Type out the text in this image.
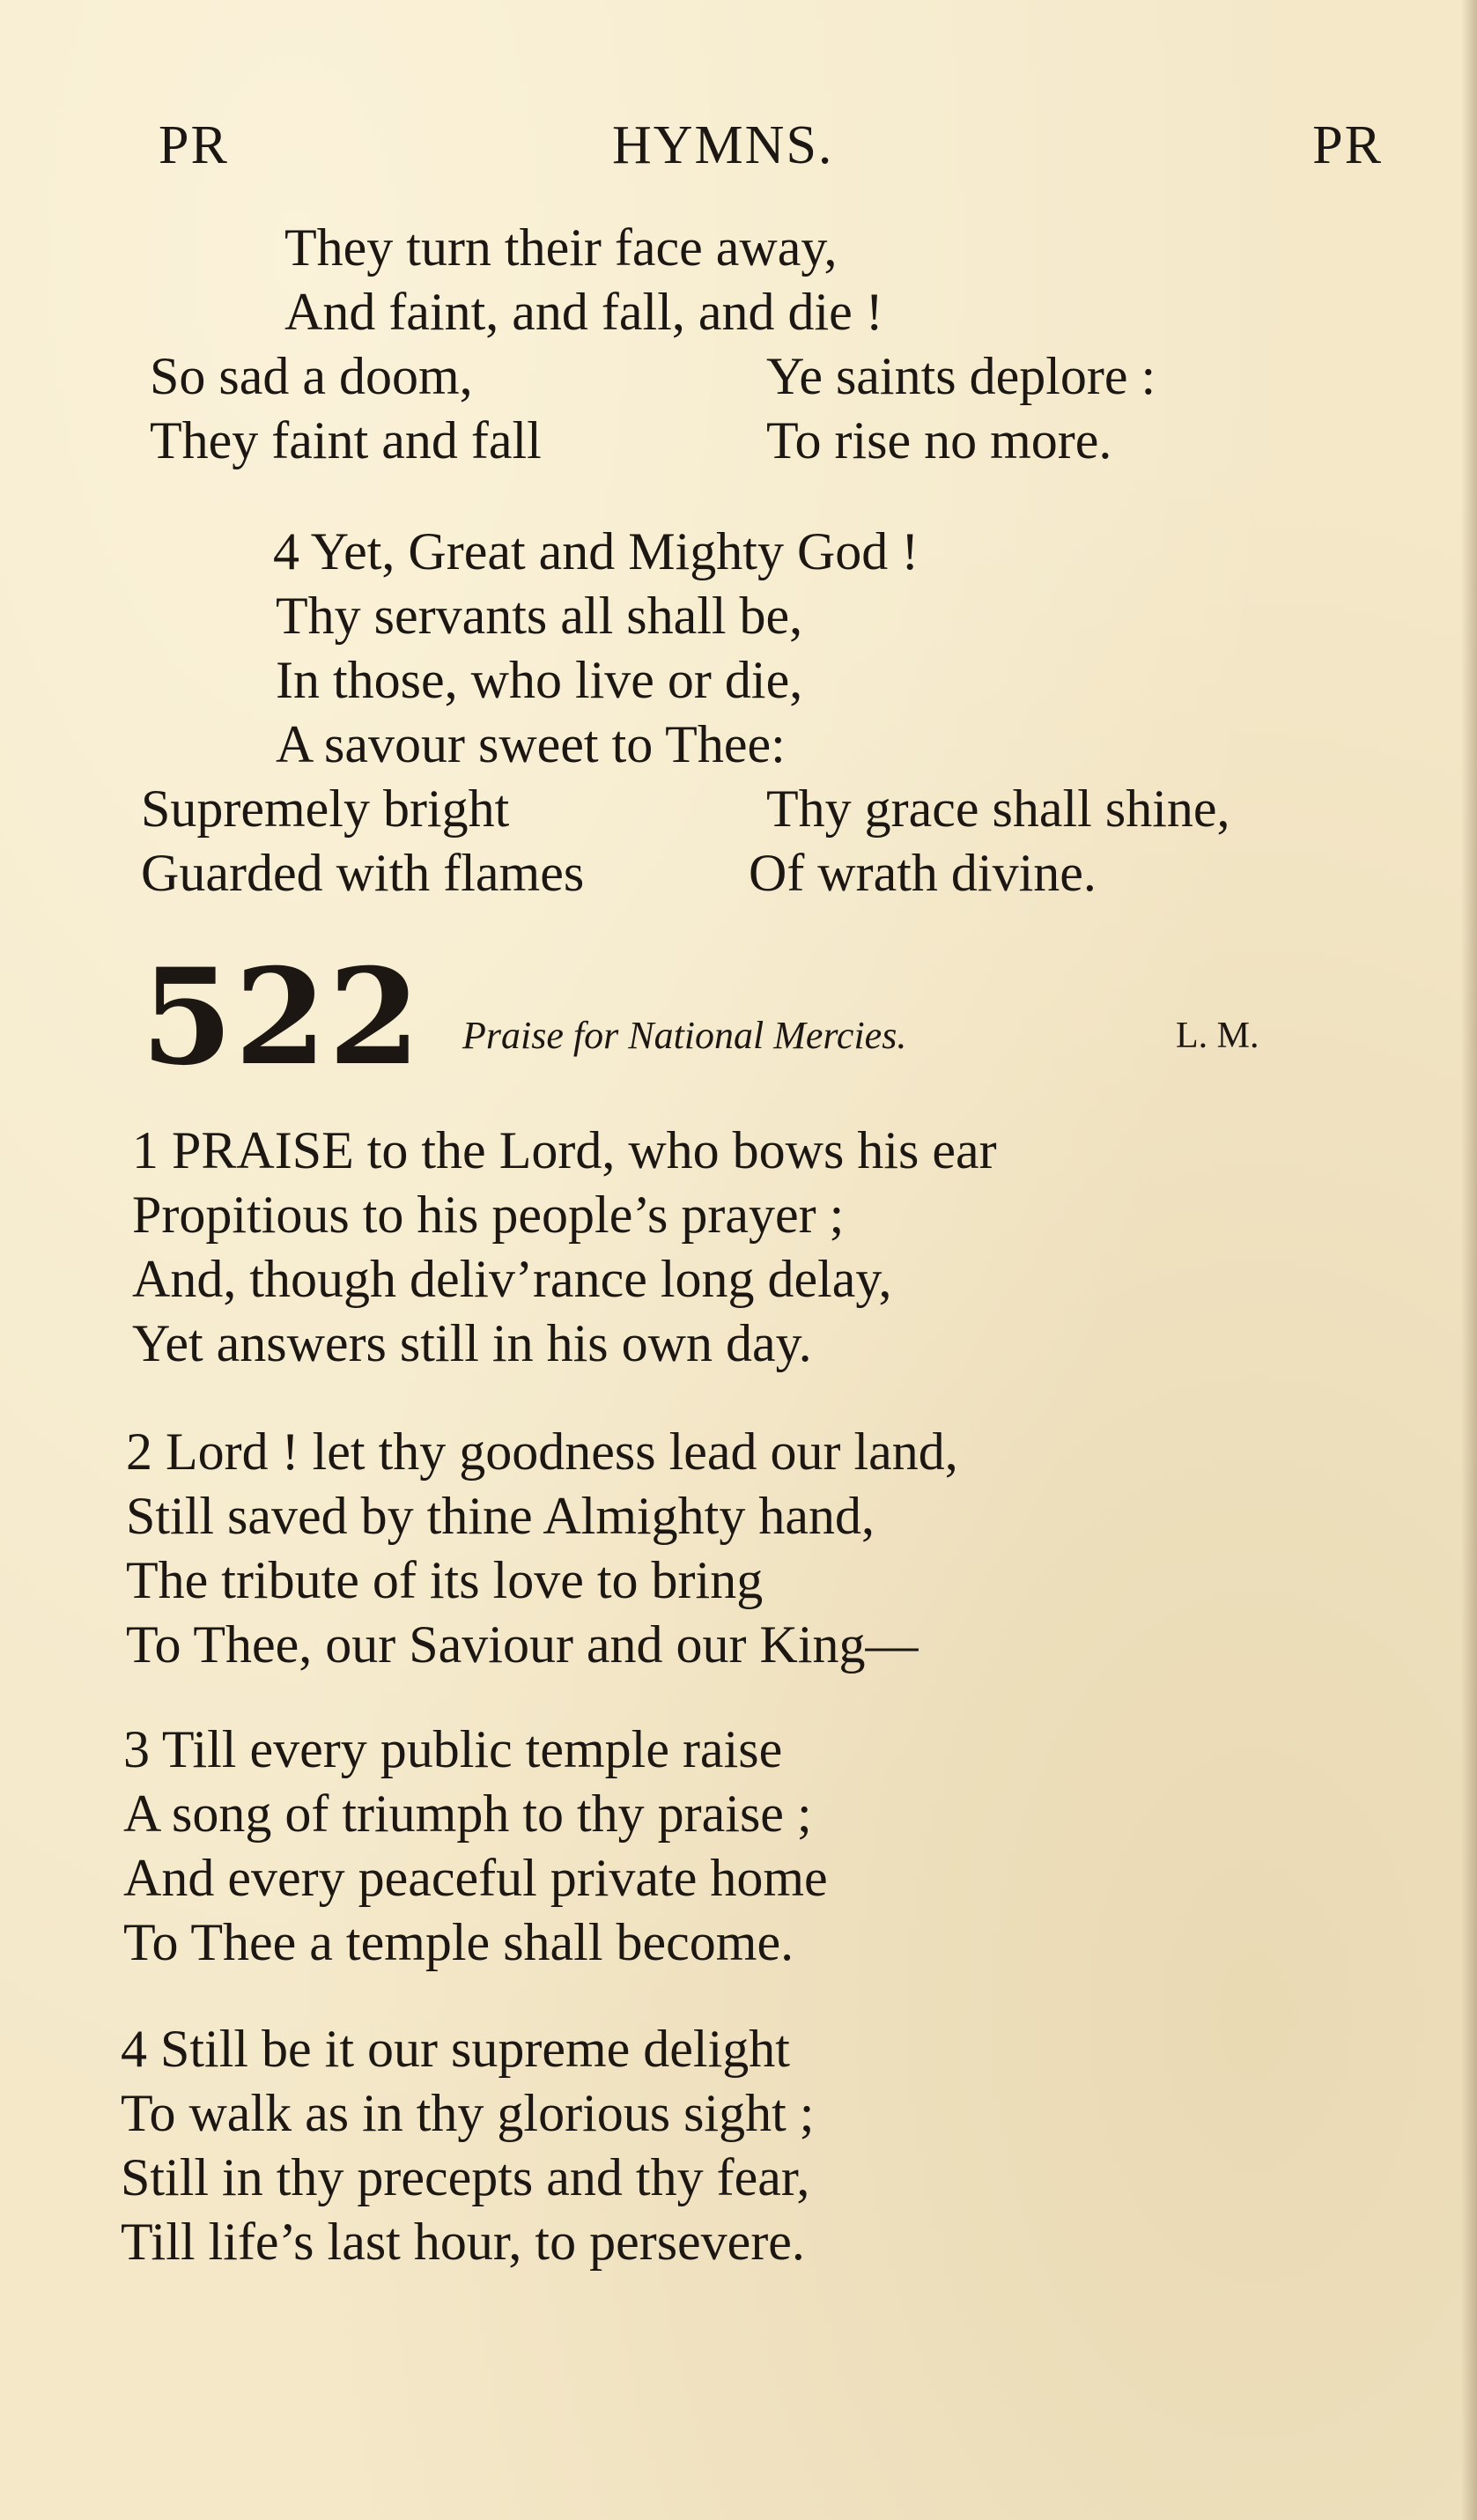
PR	HYMNS.	PR
They turn their face away,
And faint, and fall, and die !
So sad a doom,	Ye saints deplore :
They faint and fall	To rise no more.
4 Yet, Great and Mighty God !
Thy servants all shall be,
In those, who live or die,
A savour sweet to Thee:
Supremely bright	Thy grace shall shine,
Guarded with flames	Of wrath divine.
522 Praise for National Mercies.	L. M.
1 PRAISE to the Lord, who bows his ear
Propitious to his people’s prayer ;
And, though deliv’rance long delay,
Yet answers still in his own day.
2 Lord ! let thy goodness lead our land,
Still saved by thine Almighty hand,
The tribute of its love to bring
To Thee, our Saviour and our King—
3 Till every public temple raise
A song of triumph to thy praise ;
And every peaceful private home
To Thee a temple shall become.
4 Still be it our supreme delight
To walk as in thy glorious sight ;
Still in thy precepts and thy fear,
Till life’s last hour, to persevere.
